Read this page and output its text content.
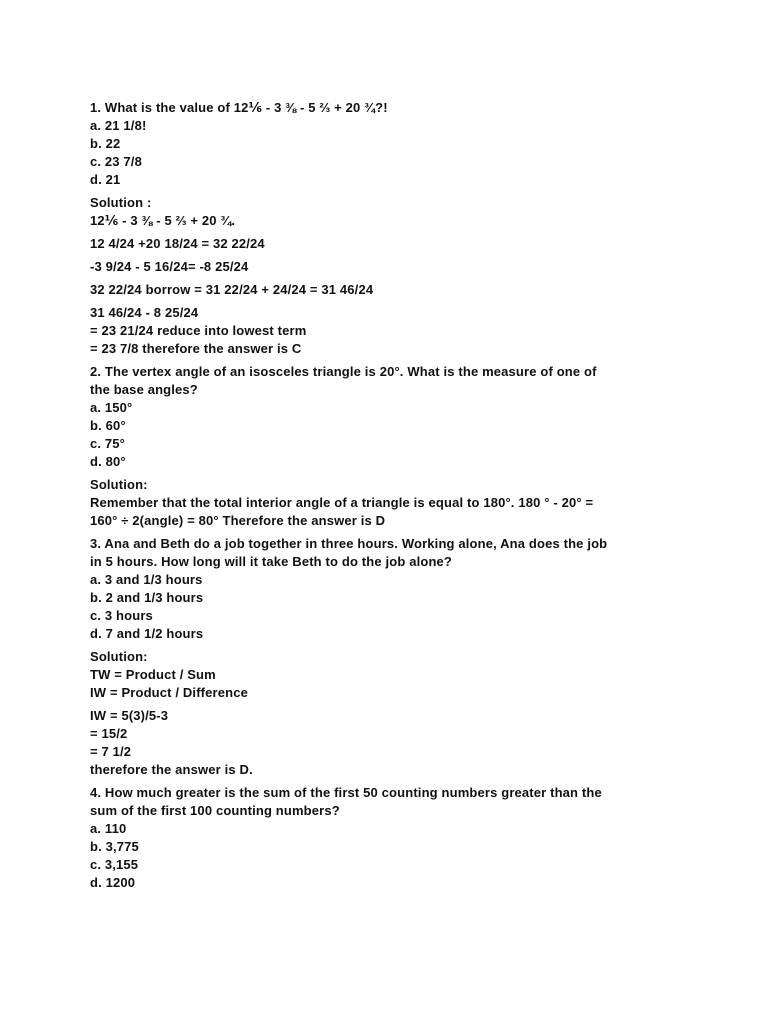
1. What is the value of 12⅙ - 3 ⅜ - 5 ⅔ + 20 ¾?!
a. 21 1/8!
b. 22
c. 23 7/8
d. 21
Solution :
12⅙ - 3 ⅜ - 5 ⅔ + 20 ¾.
12 4/24 +20 18/24 = 32 22/24
-3 9/24 - 5 16/24= -8 25/24
32 22/24 borrow = 31 22/24 + 24/24 = 31 46/24
31 46/24 - 8 25/24
= 23 21/24 reduce into lowest term
= 23 7/8 therefore the answer is C
2. The vertex angle of an isosceles triangle is 20°. What is the measure of one of
the base angles?
a. 150°
b. 60°
c. 75°
d. 80°
Solution:
Remember that the total interior angle of a triangle is equal to 180°. 180 ° - 20° =
160° ÷ 2(angle) = 80° Therefore the answer is D
3. Ana and Beth do a job together in three hours. Working alone, Ana does the job
in 5 hours. How long will it take Beth to do the job alone?
a. 3 and 1/3 hours
b. 2 and 1/3 hours
c. 3 hours
d. 7 and 1/2 hours
Solution:
TW = Product / Sum
IW = Product / Difference
IW = 5(3)/5-3
= 15/2
= 7 1/2
therefore the answer is D.
4. How much greater is the sum of the first 50 counting numbers greater than the
sum of the first 100 counting numbers?
a. 110
b. 3,775
c. 3,155
d. 1200
